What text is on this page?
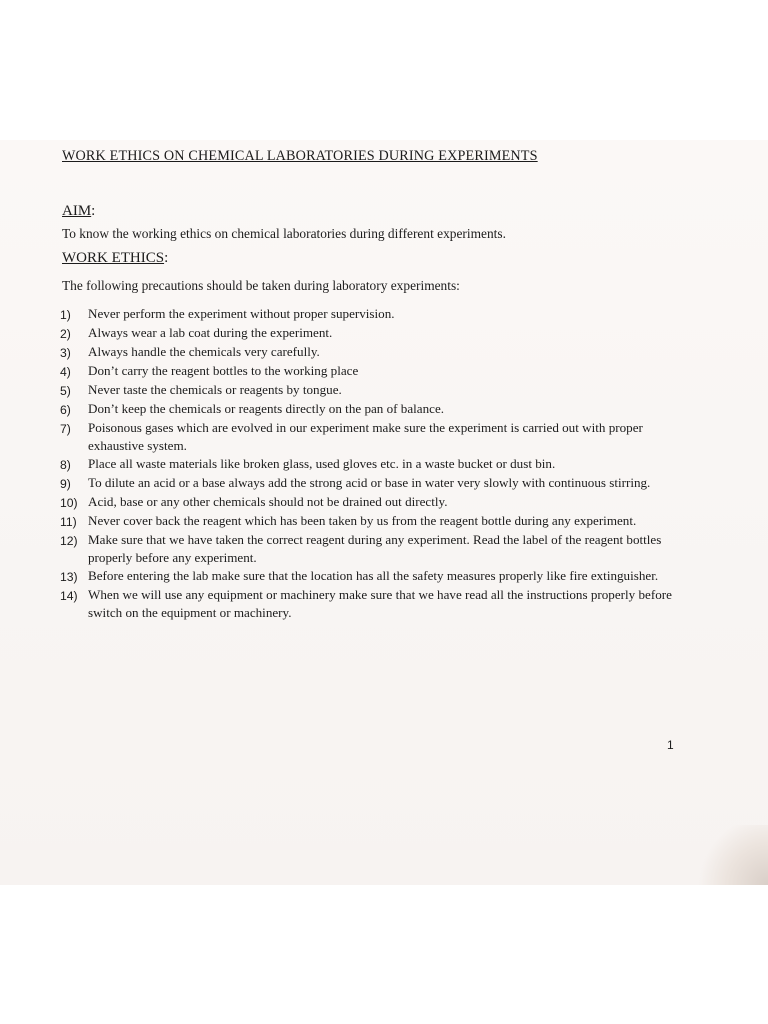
WORK ETHICS ON CHEMICAL LABORATORIES DURING EXPERIMENTS
AIM:

To know the working ethics on chemical laboratories during different experiments.

WORK ETHICS:

The following precautions should be taken during laboratory experiments:

1)	Never perform the experiment without proper supervision.
2)	Always wear a lab coat during the experiment.
3)	Always handle the chemicals very carefully.
4)	Don’t carry the reagent bottles to the working place
5)	Never taste the chemicals or reagents by tongue.
6)	Don’t keep the chemicals or reagents directly on the pan of balance.
7)	Poisonous gases which are evolved in our experiment make sure the experiment is carried out with proper exhaustive system.
8)	Place all waste materials like broken glass, used gloves etc. in a waste bucket or dust bin.
9)	To dilute an acid or a base always add the strong acid or base in water very slowly with continuous stirring.
10) Acid, base or any other chemicals should not be drained out directly.
11) Never cover back the reagent which has been taken by us from the reagent bottle during any experiment.
12) Make sure that we have taken the correct reagent during any experiment. Read the label of the reagent bottles properly before any experiment.
13) Before entering the lab make sure that the location has all the safety measures properly like fire extinguisher.
14) When we will use any equipment or machinery make sure that we have read all the instructions properly before switch on the equipment or machinery.
1
